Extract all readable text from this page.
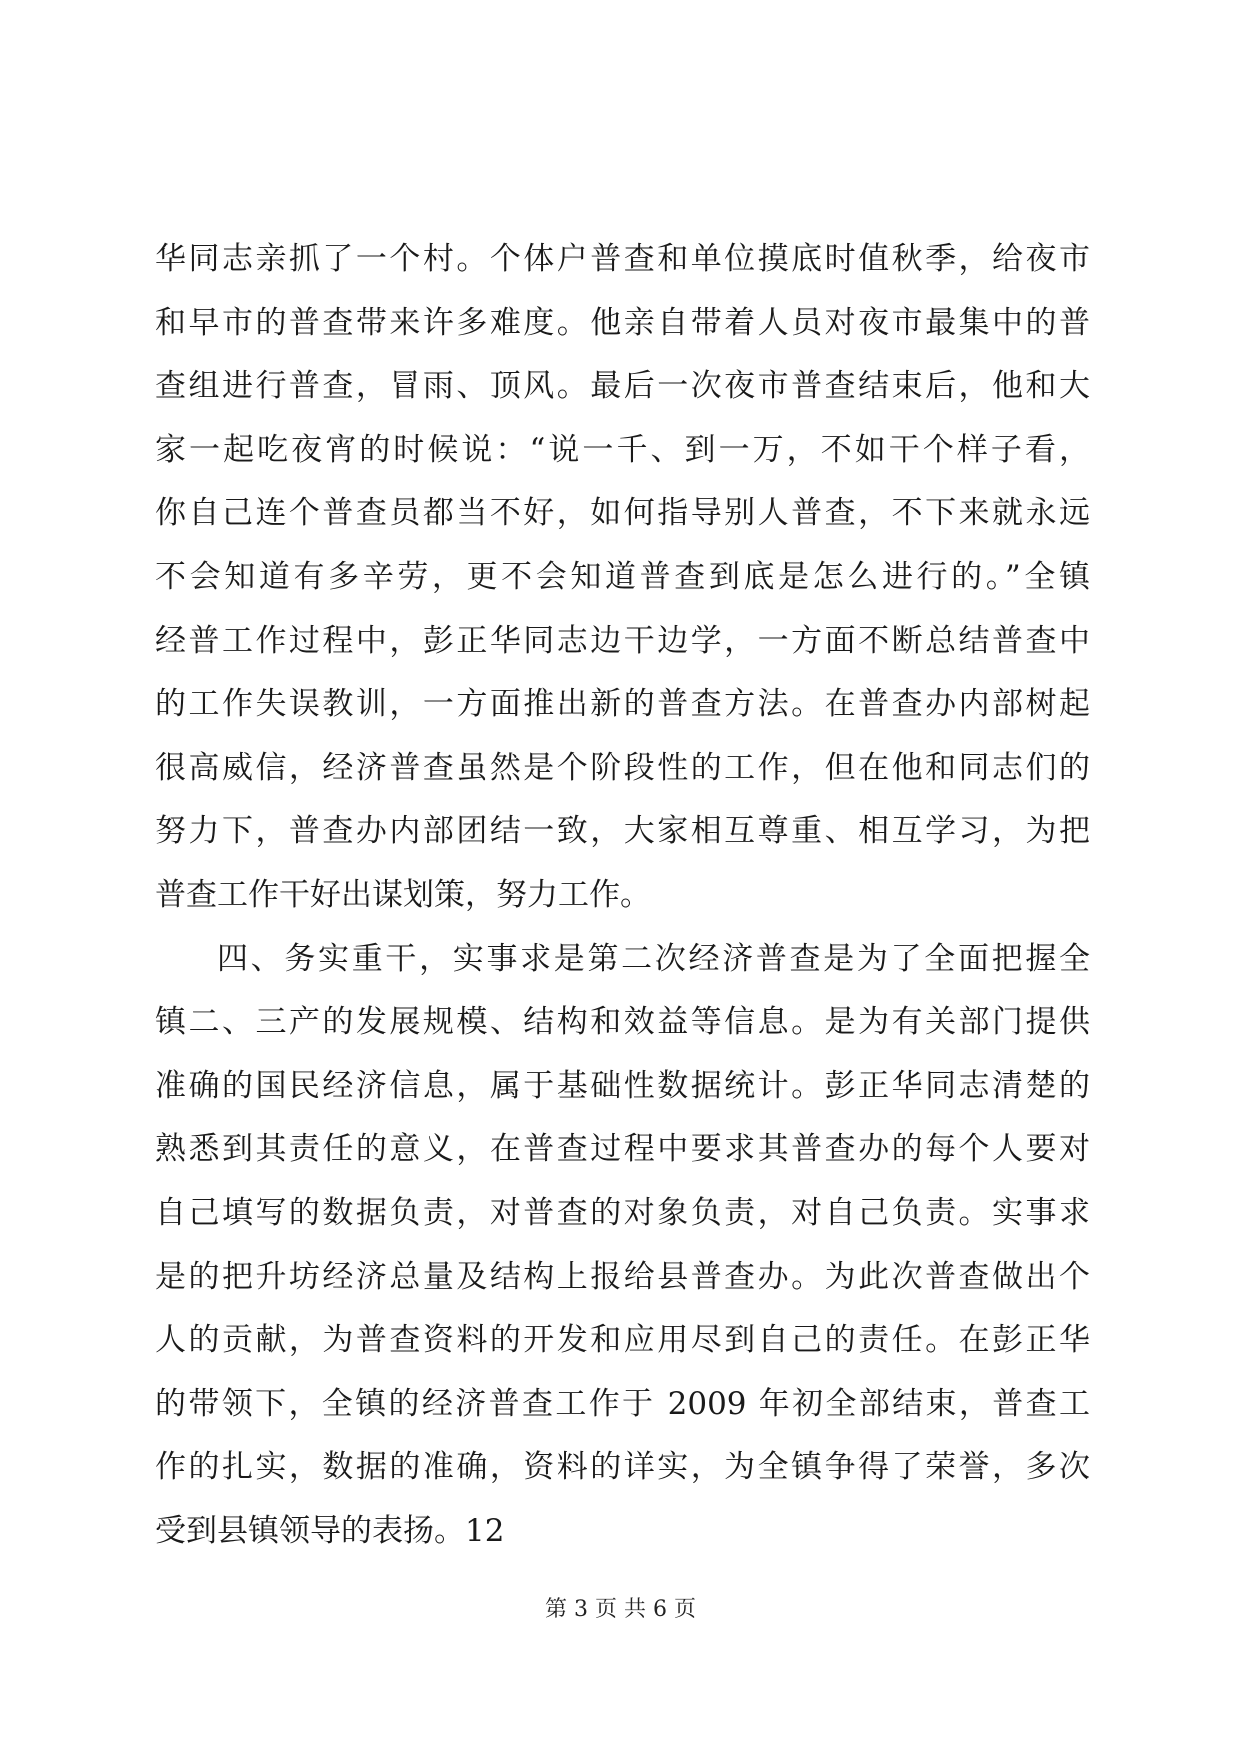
华同志亲抓了一个村。个体户普查和单位摸底时值秋季，给夜市
和早市的普查带来许多难度。他亲自带着人员对夜市最集中的普
查组进行普查，冒雨、顶风。最后一次夜市普查结束后，他和大
家一起吃夜宵的时候说：“说一千、到一万，不如干个样子看，
你自己连个普查员都当不好，如何指导别人普查，不下来就永远
不会知道有多辛劳，更不会知道普查到底是怎么进行的。”全镇
经普工作过程中，彭正华同志边干边学，一方面不断总结普查中
的工作失误教训，一方面推出新的普查方法。在普查办内部树起
很高威信，经济普查虽然是个阶段性的工作，但在他和同志们的
努力下，普查办内部团结一致，大家相互尊重、相互学习，为把
普查工作干好出谋划策，努力工作。
四、务实重干，实事求是第二次经济普查是为了全面把握全
镇二、三产的发展规模、结构和效益等信息。是为有关部门提供
准确的国民经济信息，属于基础性数据统计。彭正华同志清楚的
熟悉到其责任的意义，在普查过程中要求其普查办的每个人要对
自己填写的数据负责，对普查的对象负责，对自己负责。实事求
是的把升坊经济总量及结构上报给县普查办。为此次普查做出个
人的贡献，为普查资料的开发和应用尽到自己的责任。在彭正华
的带领下，全镇的经济普查工作于 2009 年初全部结束，普查工
作的扎实，数据的准确，资料的详实，为全镇争得了荣誉，多次
受到县镇领导的表扬。12
第 3 页 共 6 页
